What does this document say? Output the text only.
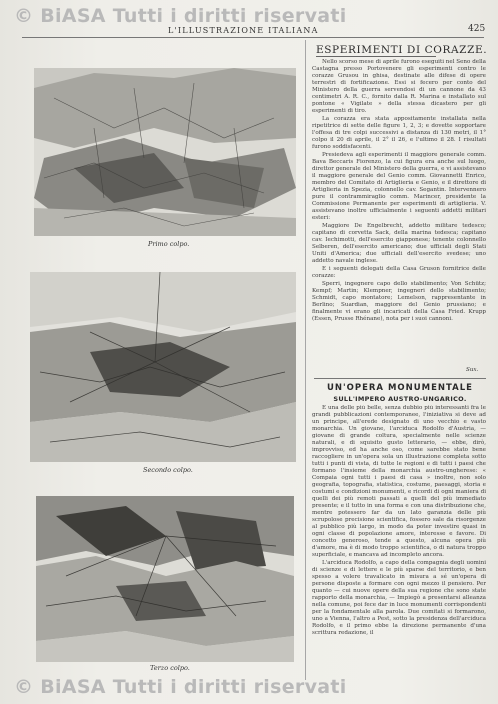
© BiASA Tutti i diritti riservati
L'ILLUSTRAZIONE ITALIANA	425
Primo colpo.
Secondo colpo.
Terzo colpo.
ESPERIMENTI DI CORAZZE.

Nello scorso mese di aprile furono eseguiti nel Seno della Castagna presso Portovenere gli esperimenti contro le corazze Grusou in ghisa, destinate alle difese di opere terrestri di fortificazione. Essi si fecero per conto del Ministero della guerra servendosi di un cannone da 43 centimetri A. R. C., fornito dalla R. Marina e installato sul pontone « Vigilate » della stessa dicastero per gli esperimenti di tiro.

La corazza era stata appositamente installata nella ripetitrice di sette delle figure 1, 2, 3; e dovette sopportare l'offesa di tre colpi successivi a distanza di 130 metri, il 1° colpo il 20 di aprile, il 2° il 26, e l'ultimo il 28. I risultati furono soddisfacenti.

Presiedeva agli esperimenti il maggiore generale comm. Bava Beccaris Fiorenzo, la cui figura era anche sul luogo, direttor generale del Ministero della guerra, e vi assistevano il maggiore generale del Genio comm. Giovannetti Enrico, membro del Comitato di Artiglieria e Genio, e il direttore di Artiglieria in Spezia, colonnello cav. Segantin. Intervennero pure il contrammiraglio comm. Marincer, presidente la Commissione Permanente per esperimenti di artiglieria. V. assistevano inoltre ufficialmente i seguenti addetti militari esteri:

Maggiore De Engelbrecht, addetto militare tedesco; capitano di corvetta Sack, della marina tedesca; capitano cav. Iechimotti, dell'esercito giapponese; tenente colonnello Selberen, dell'esercito americano; due ufficiali degli Stati Uniti d'America; due ufficiali dell'esercito svedese; uno addetto navale inglese.

E i seguenti delegati della Casa Gruson fornitrice delle corazze:

Sperri, ingegnere capo dello stabilimento; Von Schütz; Kempf; Martin; Klempner, ingegneri dello stabilimento; Schmidt, capo montatore; Lemelson, rappresentante in Berlino; Suardian, maggiore del Genio prussiano; e finalmente vi erano gli incaricati della Casa Fried. Krupp (Essen, Prusse Rhénane), nota per i suoi cannoni.

Sux.
UN'OPERA MONUMENTALE
SULL'IMPERO AUSTRO-UNGARICO.

È una delle più belle, senza dubbio più interessanti fra le grandi pubblicazioni contemporanee, l'iniziativa si deve ad un principe, all'erede designato di uno vecchio e vasto monarchia. Un giovane, l'arciduca Rodolfo d'Austria, — giovane di grande coltura, specialmente nelle scienze naturali, e di squisito gusto letterario, — ebbe, dirò, improvviso, ed ha anche oso, come sarebbe stato bene raccogliere in un'opera sola un illustrazione completa sotto tutti i punti di vista, di tutte le regioni e di tutti i paesi che formano l'insieme della monarchia austro-ungherese: « Compaia ogni tutti i paesi di casa » inoltre, non solo geografia, topografia, statistica, costume, paesaggi, storia e costumi e condizioni monumenti, e ricordi di ogni maniera di quelli dei più remoti passati a quelli del più immediato presente; e il tutto in una forma e con una distribuzione che, mentre potessero far da un lato garanzia delle più scrupolose precisione scientifica, fossero sale da risorgenze al pubblico più largo, in modo da poter investire quasi in ogni classe di popolazione amore, interesse e favore. Di concetto generoso, tende a questo, alcuna opera più d'amore, ma è di modo troppo scientifica, o di natura troppo superficiale, e mancava ad incompleto ancora.

L'arciduca Rodolfo, a capo della compagnia degli uomini di scienze e di lettere e le più sparse del territorio, e ben spesso a volere travalicato in misura a sé un'opera di persone disposte a formare con ogni mezzo il pensiero. Per quanto — cui nuove opere della sua regione che sono state rapporto della monarchia, — Impiegò a presentarsi alleanza nella comune, poi fece dar in luce monumenti corrispondenti per la fondamentale alla parola. Due comitati si formarono, uno a Vienna, l'altro a Pest, sotto la presidenza dell'arciduca Rodolfo, e il primo ebbe la direzione permanente d'una scrittura redazione, il

© BiASA Tutti i diritti riservati
